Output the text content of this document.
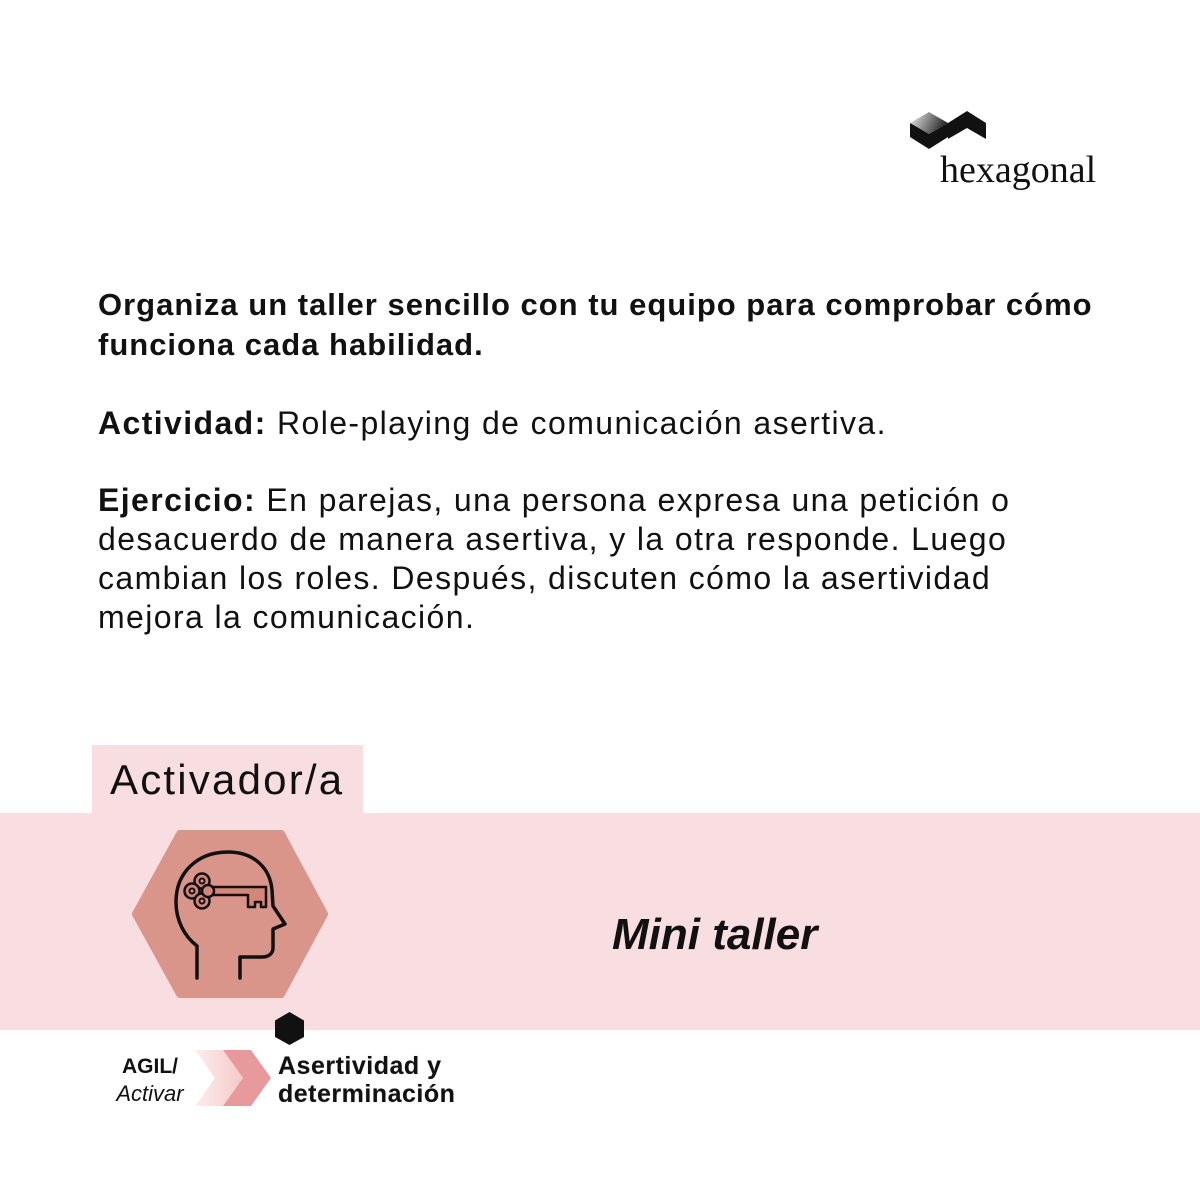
hexagonal

Organiza un taller sencillo con tu equipo para comprobar cómo funciona cada habilidad.

Actividad: Role-playing de comunicación asertiva.

Ejercicio: En parejas, una persona expresa una petición o desacuerdo de manera asertiva, y la otra responde. Luego cambian los roles. Después, discuten cómo la asertividad mejora la comunicación.

Activador/a
Mini taller
AGIL/
Activar
Asertividad y determinación
